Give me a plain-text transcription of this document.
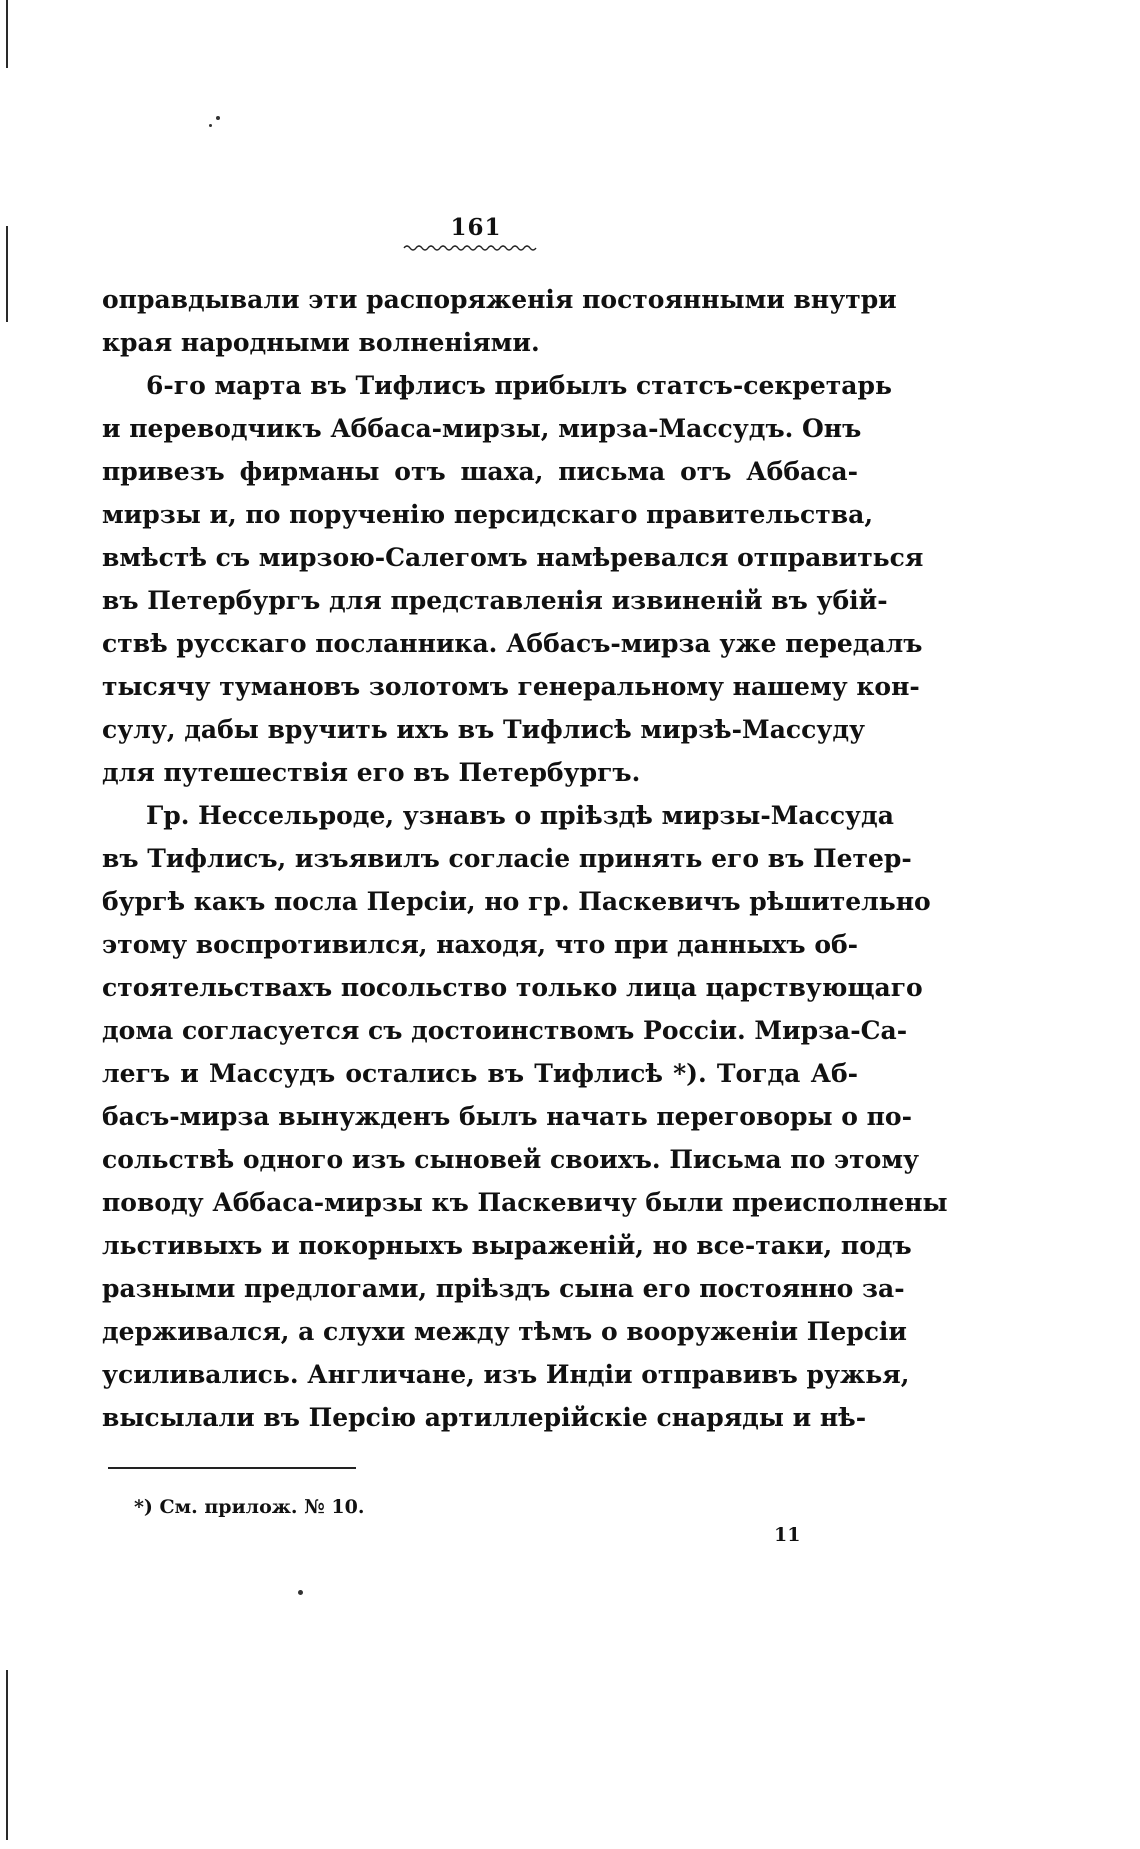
161
оправдывали эти распоряженія постоянными внутри
края народными волненіями.
6-го марта въ Тифлисъ прибылъ статсъ-секретарь
и переводчикъ Аббаса-мирзы, мирза-Массудъ. Онъ
привезъ фирманы отъ шаха, письма отъ Аббаса-
мирзы и, по порученію персидскаго правительства,
вмѣстѣ съ мирзою-Салегомъ намѣревался отправиться
въ Петербургъ для представленія извиненій въ убій-
ствѣ русскаго посланника. Аббасъ-мирза уже передалъ
тысячу тумановъ золотомъ генеральному нашему кон-
сулу, дабы вручить ихъ въ Тифлисѣ мирзѣ-Массуду
для путешествія его въ Петербургъ.
Гр. Нессельроде, узнавъ о пріѣздѣ мирзы-Массуда
въ Тифлисъ, изъявилъ согласіе принять его въ Петер-
бургѣ какъ посла Персіи, но гр. Паскевичъ рѣшительно
этому воспротивился, находя, что при данныхъ об-
стоятельствахъ посольство только лица царствующаго
дома согласуется съ достоинствомъ Россіи. Мирза-Са-
легъ и Массудъ остались въ Тифлисѣ *). Тогда Аб-
басъ-мирза вынужденъ былъ начать переговоры о по-
сольствѣ одного изъ сыновей своихъ. Письма по этому
поводу Аббаса-мирзы къ Паскевичу были преисполнены
льстивыхъ и покорныхъ выраженій, но все-таки, подъ
разными предлогами, пріѣздъ сына его постоянно за-
держивался, а слухи между тѣмъ о вооруженіи Персіи
усиливались. Англичане, изъ Индіи отправивъ ружья,
высылали въ Персію артиллерійскіе снаряды и нѣ-
*) См. прилож. № 10.
11
